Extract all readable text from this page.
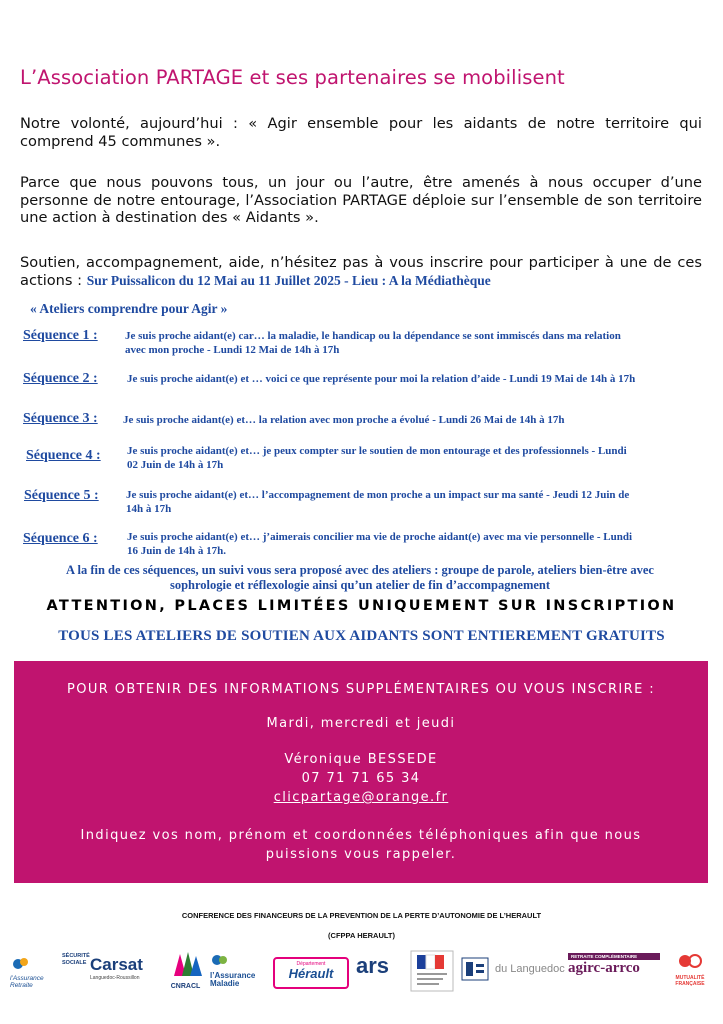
L’Association PARTAGE et ses partenaires se mobilisent
Notre volonté, aujourd’hui : « Agir ensemble pour les aidants de notre territoire qui comprend 45 communes ».
Parce que nous pouvons tous, un jour ou l’autre, être amenés à nous occuper d’une personne de notre entourage, l’Association PARTAGE déploie sur l’ensemble de son territoire une action à destination des « Aidants ».
Soutien, accompagnement, aide, n’hésitez pas à vous inscrire pour participer à une de ces actions : Sur Puissalicon du 12 Mai au 11 Juillet 2025 - Lieu : A la Médiathèque
« Ateliers comprendre pour Agir »
Séquence 1 : Je suis proche aidant(e) car… la maladie, le handicap ou la dépendance se sont immiscés dans ma relation avec mon proche - Lundi 12 Mai de 14h à 17h
Séquence 2 :	Je suis proche aidant(e) et … voici ce que représente pour moi la relation d’aide - Lundi 19 Mai de 14h à 17h
Séquence 3 : Je suis proche aidant(e) et… la relation avec mon proche a évolué - Lundi 26 Mai de 14h à 17h
Séquence 4 : Je suis proche aidant(e) et… je peux compter sur le soutien de mon entourage et des professionnels - Lundi 02 Juin de 14h à 17h
Séquence 5 : Je suis proche aidant(e) et… l’accompagnement de mon proche a un impact sur ma santé - Jeudi 12 Juin de 14h à 17h
Séquence 6 :	Je suis proche aidant(e) et… j’aimerais concilier ma vie de proche aidant(e) avec ma vie personnelle - Lundi 16 Juin de 14h à 17h.
A la fin de ces séquences, un suivi vous sera proposé avec des ateliers : groupe de parole, ateliers bien-être avec sophrologie et réflexologie ainsi qu’un atelier de fin d’accompagnement
ATTENTION, PLACES LIMITÉES UNIQUEMENT SUR INSCRIPTION
TOUS LES ATELIERS DE SOUTIEN AUX AIDANTS SONT ENTIEREMENT GRATUITS
POUR OBTENIR DES INFORMATIONS SUPPLÉMENTAIRES OU VOUS INSCRIRE :
Mardi, mercredi et jeudi
Véronique BESSEDE
07 71 71 65 34
clicpartage@orange.fr
Indiquez vos nom, prénom et coordonnées téléphoniques afin que nous puissions vous rappeler.
CONFERENCE DES FINANCEURS DE LA PREVENTION DE LA PERTE D’AUTONOMIE DE L’HERAULT
(CFPPA HERAULT)
l’Assurance Retraite
SÉCURITÉ SOCIALE Carsat
Languedoc-Roussillon
CNRACL
l’Assurance Maladie
Département
Hérault	ars	du Languedoc
RETRAITE COMPLÉMENTAIRE
agirc-arrco
MUTUALITÉ FRANÇAISE
